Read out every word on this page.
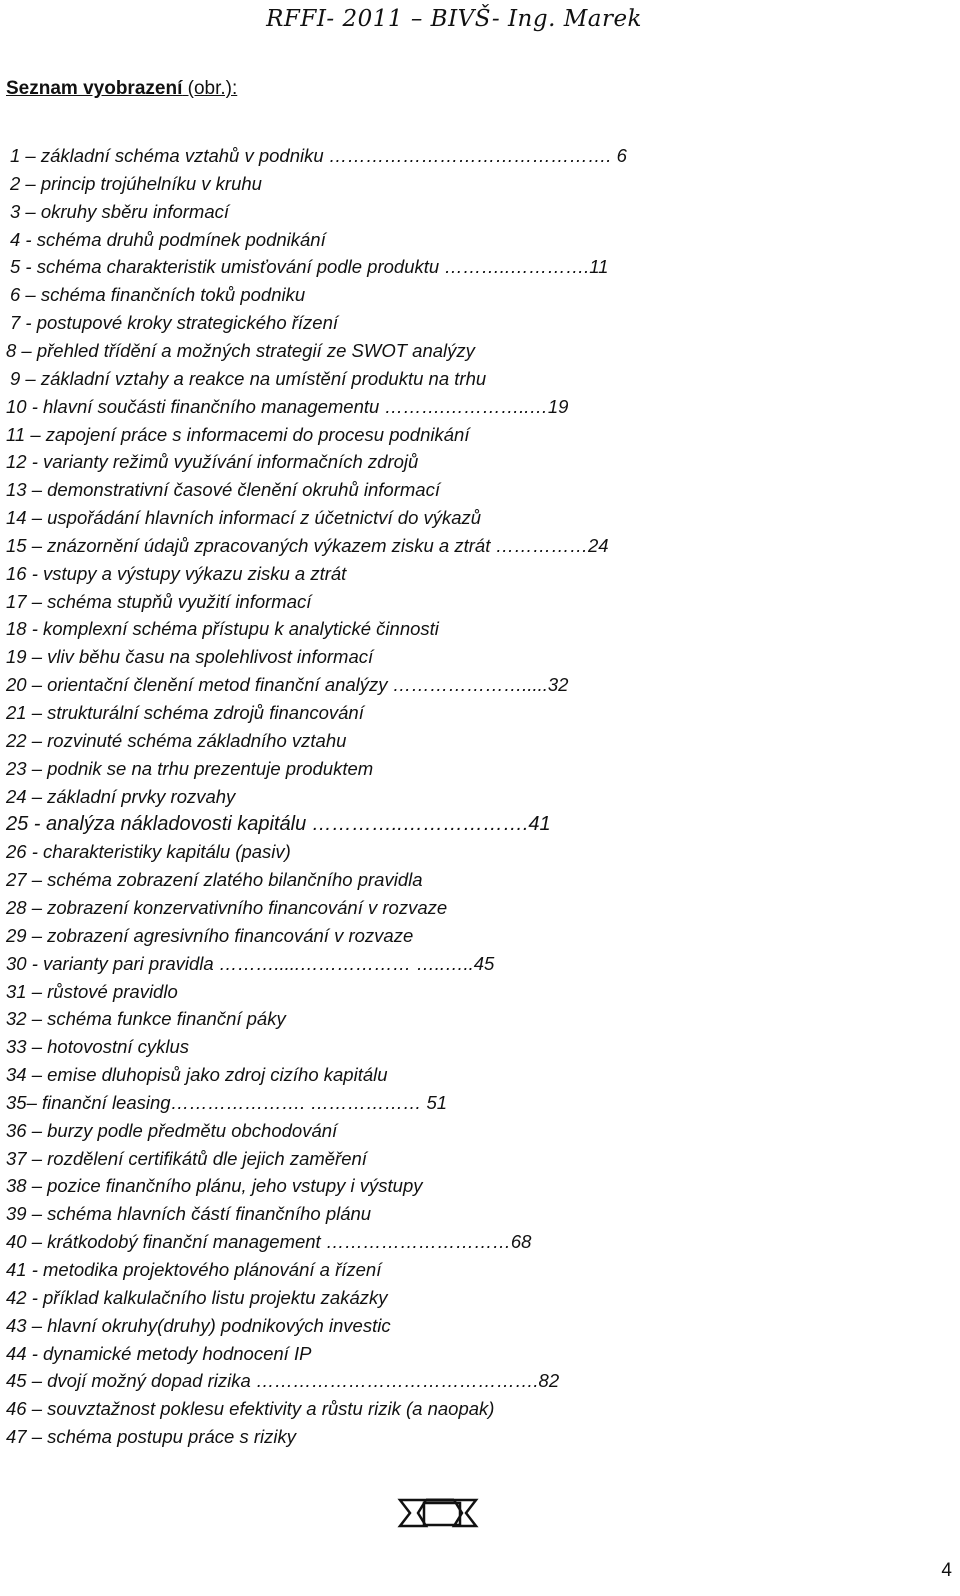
RFFI- 2011 – BIVŠ- Ing. Marek
Seznam vyobrazení (obr.):
1 – základní schéma vztahů v podniku ………………………………………. 6
2 – princip trojúhelníku v kruhu
3 – okruhy sběru informací
4 - schéma druhů podmínek podnikání
5 - schéma charakteristik umisťování podle produktu ………..………….11
6 – schéma finančních toků podniku
7 - postupové kroky strategického řízení
8 – přehled třídění a možných strategií ze SWOT analýzy
9 – základní vztahy a reakce na umístění produktu na trhu
10 - hlavní součásti finančního managementu ……….…………..…19
11 – zapojení práce s informacemi do procesu podnikání
12 - varianty režimů využívání informačních zdrojů
13 – demonstrativní časové členění okruhů informací
14 – uspořádání hlavních informací z účetnictví do výkazů
15 – znázornění údajů zpracovaných výkazem zisku a ztrát ……………24
16 - vstupy a výstupy výkazu zisku a ztrát
17 – schéma stupňů využití informací
18 - komplexní schéma přístupu k analytické činnosti
19 – vliv běhu času na spolehlivost informací
20 – orientační členění metod finanční analýzy ………………….....32
21 – strukturální schéma zdrojů financování
22 – rozvinuté schéma základního vztahu
23 – podnik se na trhu prezentuje produktem
24 – základní prvky rozvahy
25 - analýza nákladovosti kapitálu …………..……………….41
26 - charakteristiky kapitálu (pasiv)
27 – schéma zobrazení zlatého bilančního pravidla
28 – zobrazení konzervativního financování v rozvaze
29 – zobrazení agresivního financování v rozvaze
30 - varianty pari pravidla ……….....……………… …..…..45
31 – růstové pravidlo
32 – schéma funkce finanční páky
33 – hotovostní cyklus
34 – emise dluhopisů jako zdroj cizího kapitálu
35– finanční leasing…………………. ……………… 51
36 – burzy podle předmětu obchodování
37 – rozdělení certifikátů dle jejich zaměření
38 – pozice finančního plánu, jeho vstupy i výstupy
39 – schéma hlavních částí finančního plánu
40 – krátkodobý finanční management …………………………68
41 - metodika projektového plánování a řízení
42 - příklad kalkulačního listu projektu zakázky
43 – hlavní okruhy(druhy) podnikových investic
44 - dynamické metody hodnocení IP
45 – dvojí možný dopad rizika ……………………………………….82
46 – souvztažnost poklesu efektivity a růstu rizik (a naopak)
47 – schéma postupu práce s riziky
4
